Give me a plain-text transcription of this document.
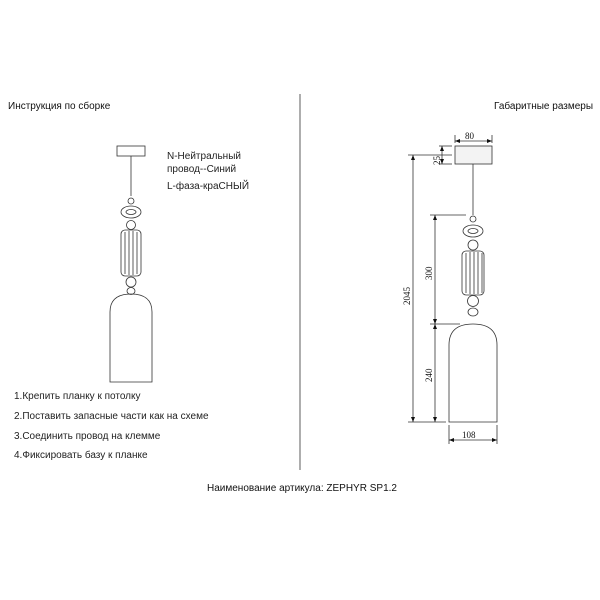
Инструкция по сборке	Габаритные размеры
N-Нейтральный
провод--Синий
L-фаза-краСНЫЙ
1.Крепить планку к потолку
2.Поставить запасные части как на схеме
3.Соединить провод на клемме
4.Фиксировать базу к планке
Наименование артикула: ZEPHYR SP1.2
80
25
2045
300
240
108
